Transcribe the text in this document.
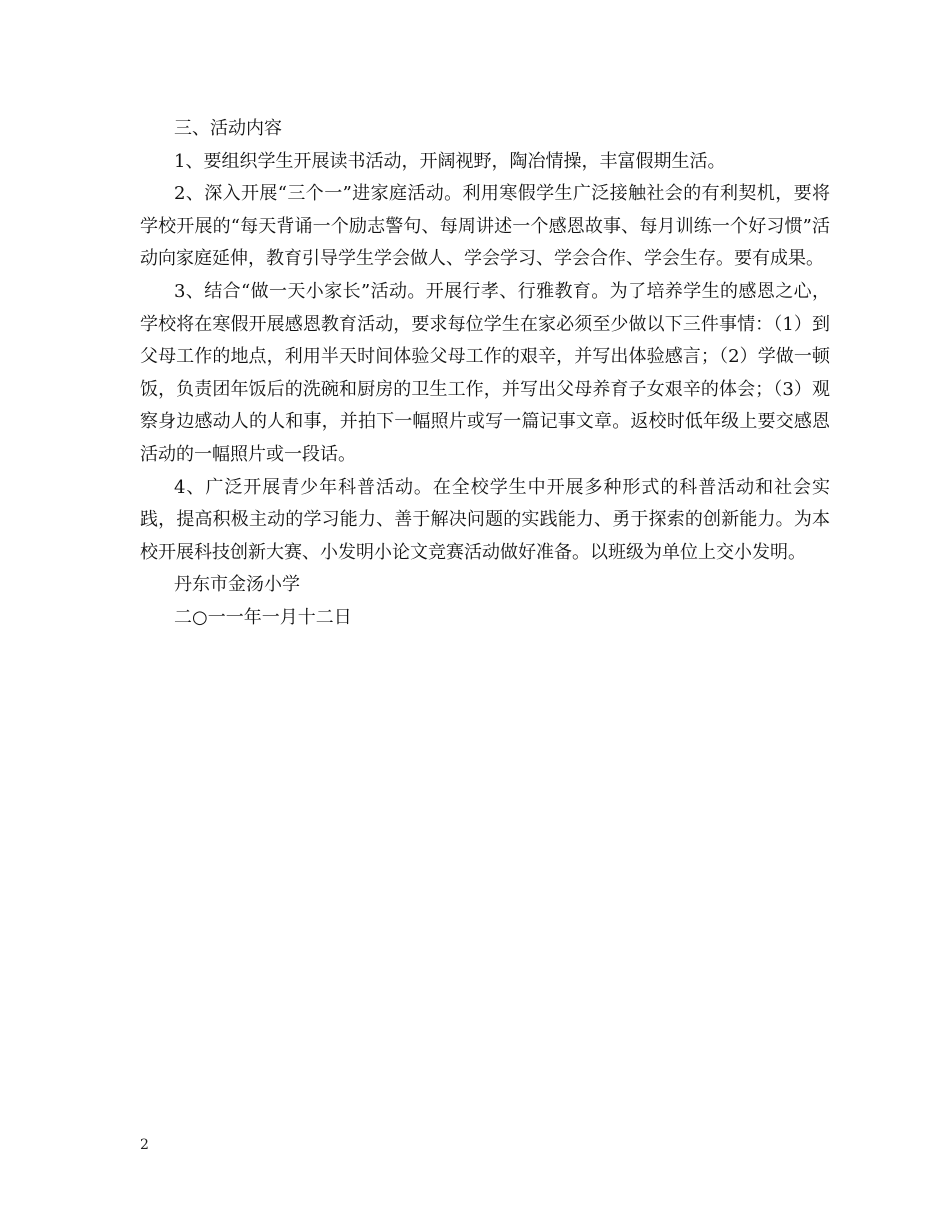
三、活动内容

1、要组织学生开展读书活动，开阔视野，陶冶情操，丰富假期生活。

2、深入开展“三个一”进家庭活动。利用寒假学生广泛接触社会的有利契机，要将学校开展的“每天背诵一个励志警句、每周讲述一个感恩故事、每月训练一个好习惯”活动向家庭延伸，教育引导学生学会做人、学会学习、学会合作、学会生存。要有成果。

3、结合“做一天小家长”活动。开展行孝、行雅教育。为了培养学生的感恩之心，学校将在寒假开展感恩教育活动，要求每位学生在家必须至少做以下三件事情：（1）到父母工作的地点，利用半天时间体验父母工作的艰辛，并写出体验感言；（2）学做一顿饭，负责团年饭后的洗碗和厨房的卫生工作，并写出父母养育子女艰辛的体会；（3）观察身边感动人的人和事，并拍下一幅照片或写一篇记事文章。返校时低年级上要交感恩活动的一幅照片或一段话。

4、广泛开展青少年科普活动。在全校学生中开展多种形式的科普活动和社会实践，提高积极主动的学习能力、善于解决问题的实践能力、勇于探索的创新能力。为本校开展科技创新大赛、小发明小论文竞赛活动做好准备。以班级为单位上交小发明。

丹东市金汤小学

二○一一年一月十二日

2
